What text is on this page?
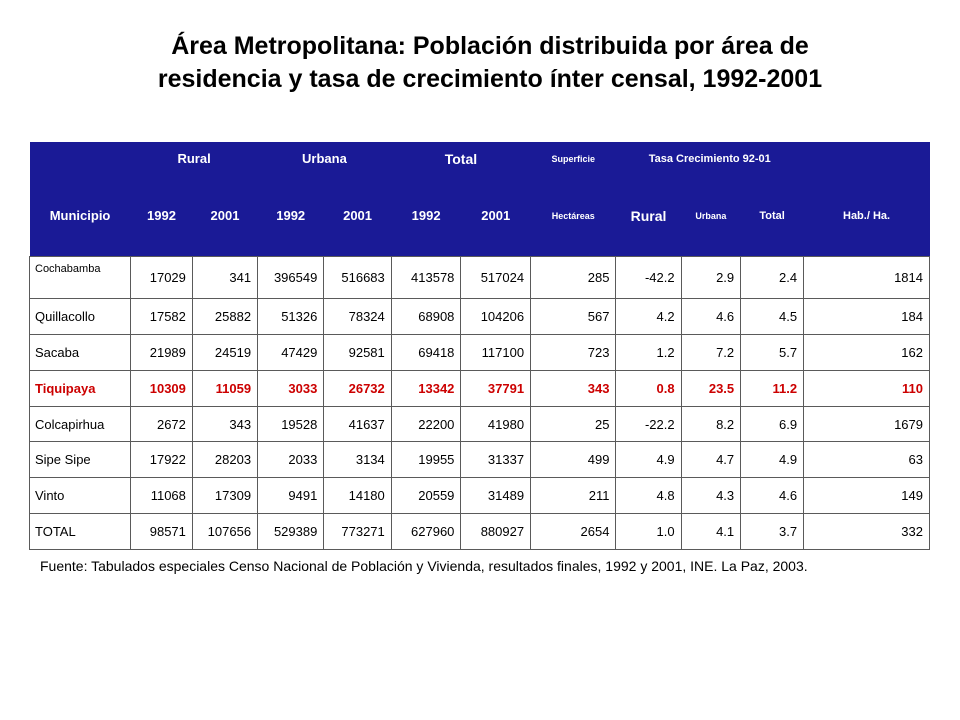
Área Metropolitana: Población distribuida por área de
residencia y tasa de crecimiento ínter censal, 1992-2001
	Rural		Urbana		Total		Superficie	Tasa Crecimiento 92-01			
Municipio	1992	2001	1992	2001	1992	2001	Hectáreas	Rural	Urbana	Total	Hab./ Ha.
Cochabamba	17029	341	396549	516683	413578	517024	285	-42.2	2.9	2.4	1814
Quillacollo	17582	25882	51326	78324	68908	104206	567	4.2	4.6	4.5	184
Sacaba	21989	24519	47429	92581	69418	117100	723	1.2	7.2	5.7	162
Tiquipaya	10309	11059	3033	26732	13342	37791	343	0.8	23.5	11.2	110
Colcapirhua	2672	343	19528	41637	22200	41980	25	-22.2	8.2	6.9	1679
Sipe Sipe	17922	28203	2033	3134	19955	31337	499	4.9	4.7	4.9	63
Vinto	11068	17309	9491	14180	20559	31489	211	4.8	4.3	4.6	149
TOTAL	98571	107656	529389	773271	627960	880927	2654	1.0	4.1	3.7	332
Fuente: Tabulados especiales Censo Nacional de Población y Vivienda, resultados finales, 1992 y 2001, INE. La Paz, 2003.
